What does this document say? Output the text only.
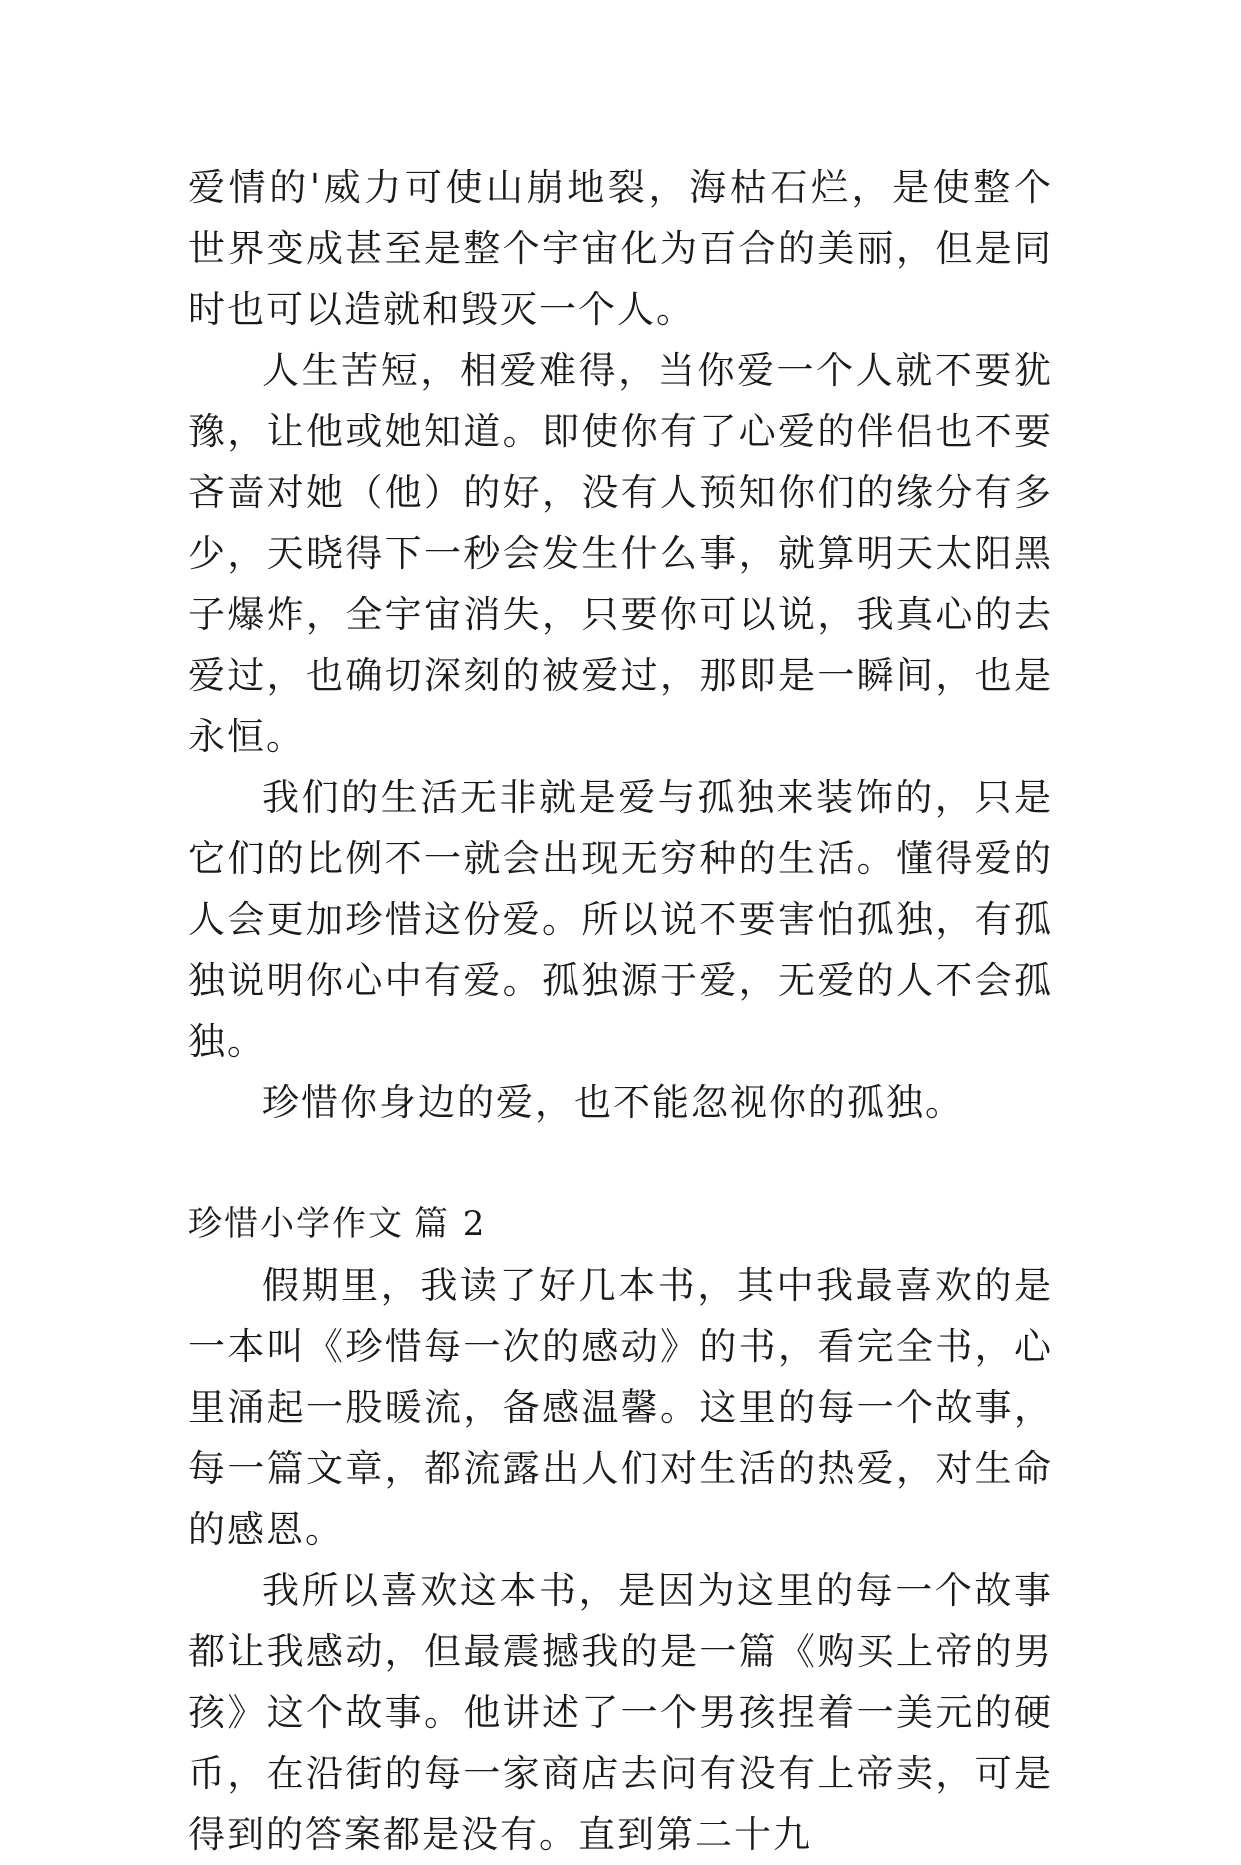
爱情的'威力可使山崩地裂，海枯石烂，是使整个世界变成甚至是整个宇宙化为百合的美丽，但是同时也可以造就和毁灭一个人。

人生苦短，相爱难得，当你爱一个人就不要犹豫，让他或她知道。即使你有了心爱的伴侣也不要吝啬对她（他）的好，没有人预知你们的缘分有多少，天晓得下一秒会发生什么事，就算明天太阳黑子爆炸，全宇宙消失，只要你可以说，我真心的去爱过，也确切深刻的被爱过，那即是一瞬间，也是永恒。

我们的生活无非就是爱与孤独来装饰的，只是它们的比例不一就会出现无穷种的生活。懂得爱的人会更加珍惜这份爱。所以说不要害怕孤独，有孤独说明你心中有爱。孤独源于爱，无爱的人不会孤独。

珍惜你身边的爱，也不能忽视你的孤独。

珍惜小学作文 篇 2

假期里，我读了好几本书，其中我最喜欢的是一本叫《珍惜每一次的感动》的书，看完全书，心里涌起一股暖流，备感温馨。这里的每一个故事，每一篇文章，都流露出人们对生活的热爱，对生命的感恩。

我所以喜欢这本书，是因为这里的每一个故事都让我感动，但最震撼我的是一篇《购买上帝的男孩》这个故事。他讲述了一个男孩捏着一美元的硬币，在沿街的每一家商店去问有没有上帝卖，可是得到的答案都是没有。直到第二十九
